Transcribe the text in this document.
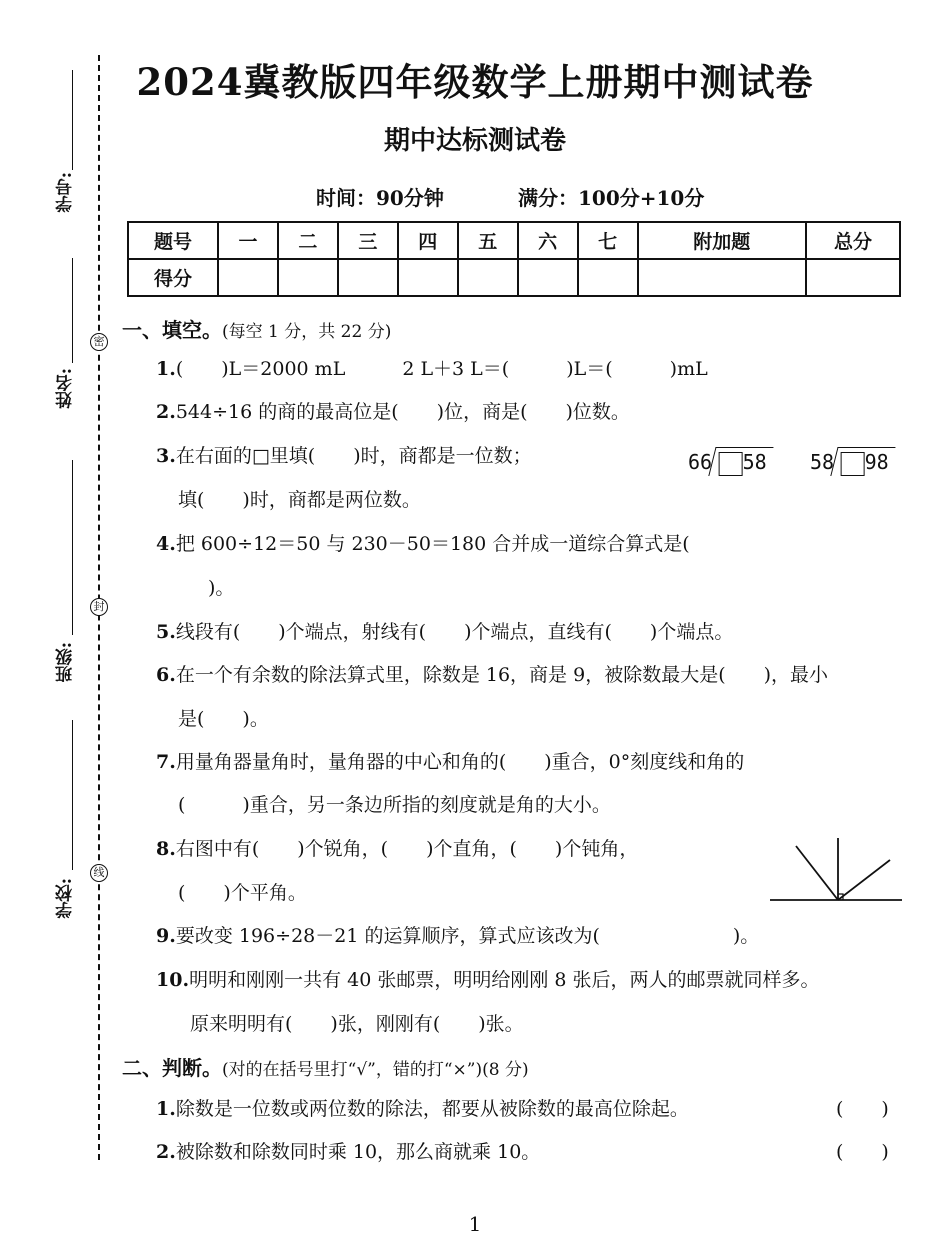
学号:
姓名:
班级:
学校:
密
封
线
2024冀教版四年级数学上册期中测试卷
期中达标测试卷
时间：90分钟	满分：100分+10分
题号	一	二	三	四	五	六	七	附加题	总分
得分									
一、填空。(每空 1 分，共 22 分)
1.(　　)L＝2000 mL　　　2 L＋3 L＝(　　　)L＝(　　　)mL
2.544÷16 的商的最高位是(　　)位，商是(　　)位数。
3.在右面的□里填(　　)时，商都是一位数；
填(　　)时，商都是两位数。
66 58 58 98
4.把 600÷12＝50 与 230－50＝180 合并成一道综合算式是(
)。
5.线段有(　　)个端点，射线有(　　)个端点，直线有(　　)个端点。
6.在一个有余数的除法算式里，除数是 16，商是 9，被除数最大是(　　)，最小
是(　　)。
7.用量角器量角时，量角器的中心和角的(　　)重合，0°刻度线和角的
(　　　)重合，另一条边所指的刻度就是角的大小。
8.右图中有(　　)个锐角，(　　)个直角，(　　)个钝角，
(　　)个平角。
9.要改变 196÷28－21 的运算顺序，算式应该改为(　　　　　　　)。
10.明明和刚刚一共有 40 张邮票，明明给刚刚 8 张后，两人的邮票就同样多。
原来明明有(　　)张，刚刚有(　　)张。
二、判断。(对的在括号里打“√”，错的打“×”)(8 分)
1.除数是一位数或两位数的除法，都要从被除数的最高位除起。	(　　)
2.被除数和除数同时乘 10，那么商就乘 10。	(　　)
1
